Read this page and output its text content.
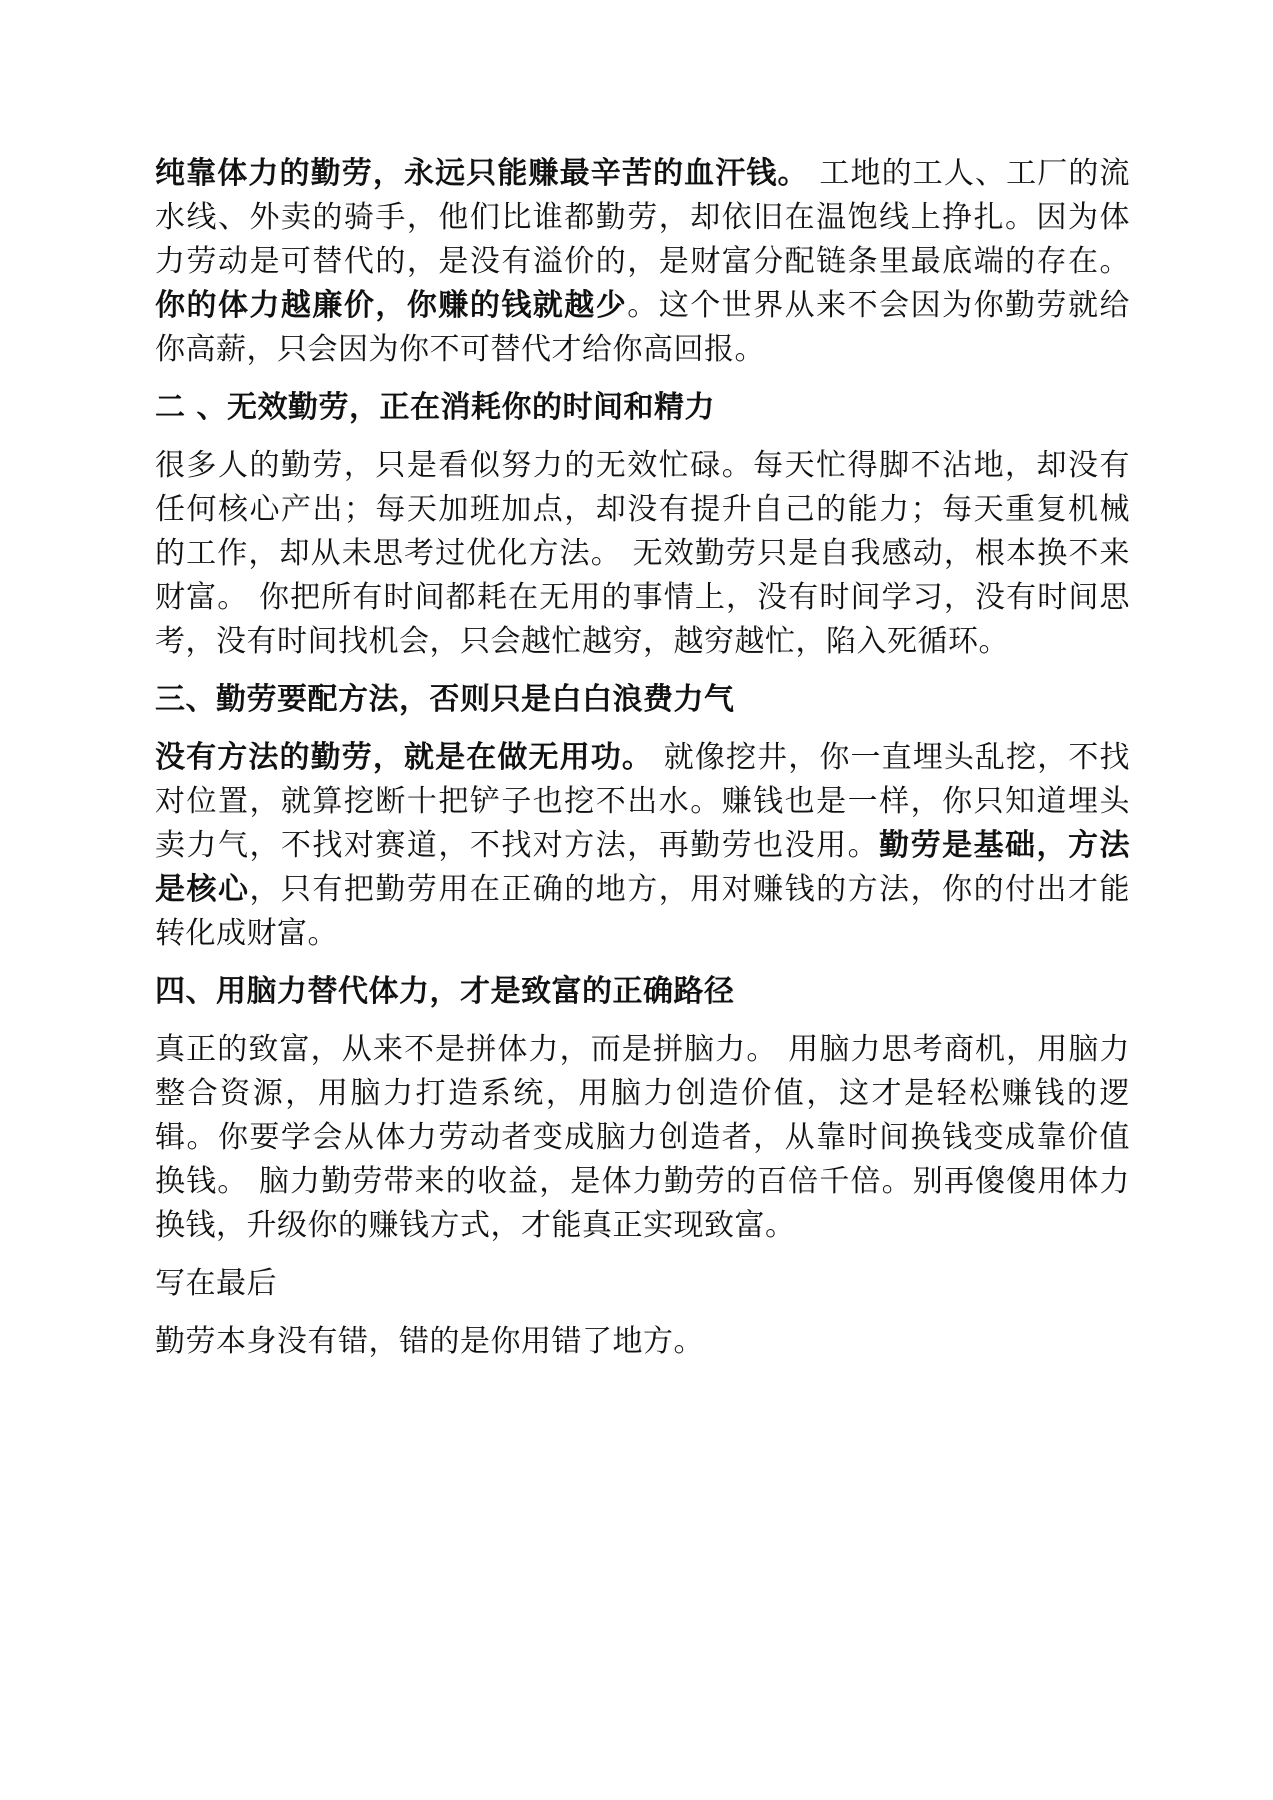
纯靠体力的勤劳，永远只能赚最辛苦的血汗钱。 工地的工人、工厂的流水线、外卖的骑手，他们比谁都勤劳，却依旧在温饱线上挣扎。因为体力劳动是可替代的，是没有溢价的，是财富分配链条里最底端的存在。你的体力越廉价，你赚的钱就越少。这个世界从来不会因为你勤劳就给你高薪，只会因为你不可替代才给你高回报。

二 、无效勤劳，正在消耗你的时间和精力

很多人的勤劳，只是看似努力的无效忙碌。每天忙得脚不沾地，却没有任何核心产出；每天加班加点，却没有提升自己的能力；每天重复机械的工作，却从未思考过优化方法。 无效勤劳只是自我感动，根本换不来财富。 你把所有时间都耗在无用的事情上，没有时间学习，没有时间思考，没有时间找机会，只会越忙越穷，越穷越忙，陷入死循环。

三、勤劳要配方法，否则只是白白浪费力气

没有方法的勤劳，就是在做无用功。 就像挖井，你一直埋头乱挖，不找对位置，就算挖断十把铲子也挖不出水。赚钱也是一样，你只知道埋头卖力气，不找对赛道，不找对方法，再勤劳也没用。勤劳是基础，方法是核心，只有把勤劳用在正确的地方，用对赚钱的方法，你的付出才能转化成财富。

四、用脑力替代体力，才是致富的正确路径

真正的致富，从来不是拼体力，而是拼脑力。 用脑力思考商机，用脑力整合资源，用脑力打造系统，用脑力创造价值，这才是轻松赚钱的逻辑。你要学会从体力劳动者变成脑力创造者，从靠时间换钱变成靠价值换钱。 脑力勤劳带来的收益，是体力勤劳的百倍千倍。别再傻傻用体力换钱，升级你的赚钱方式，才能真正实现致富。

写在最后

勤劳本身没有错，错的是你用错了地方。
